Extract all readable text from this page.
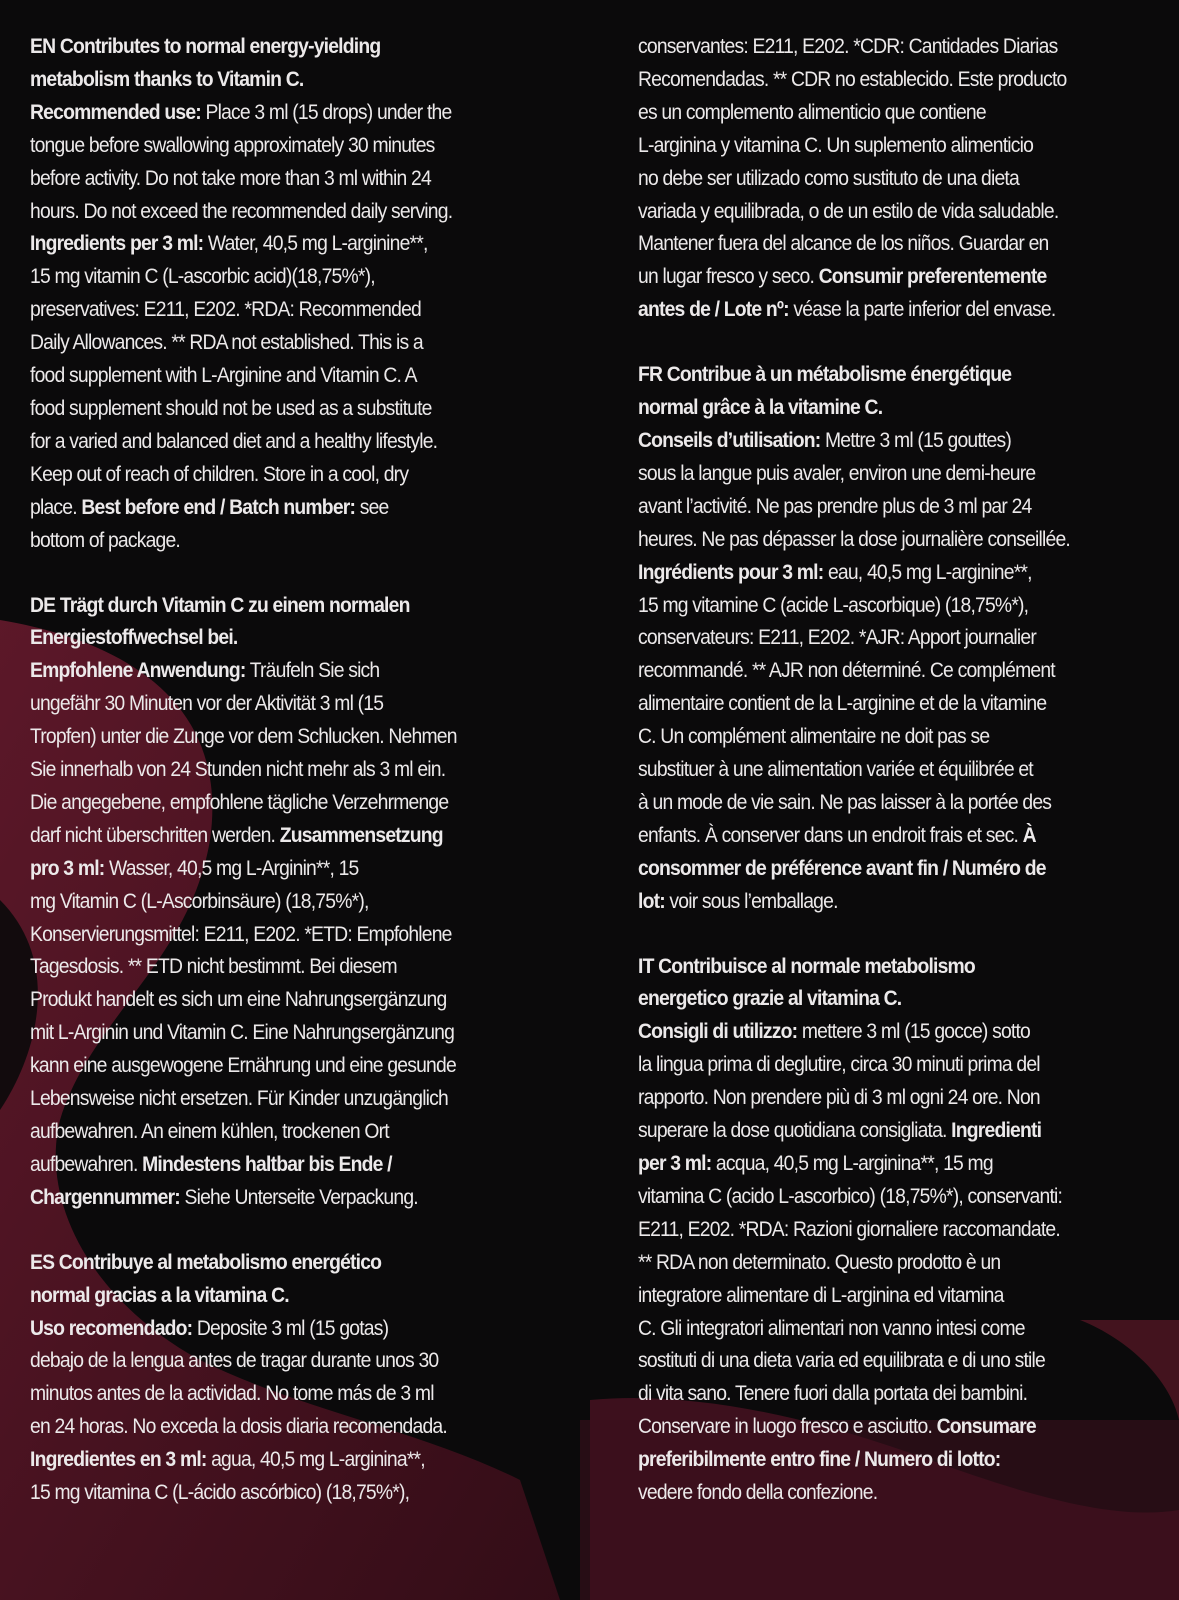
EN Contributes to normal energy-yielding
metabolism thanks to Vitamin C.
Recommended use: Place 3 ml (15 drops) under the
tongue before swallowing approximately 30 minutes
before activity. Do not take more than 3 ml within 24
hours. Do not exceed the recommended daily serving.
Ingredients per 3 ml: Water, 40,5 mg L-arginine**,
15 mg vitamin C (L-ascorbic acid)(18,75%*),
preservatives: E211, E202. *RDA: Recommended
Daily Allowances. ** RDA not established. This is a
food supplement with L-Arginine and Vitamin C. A
food supplement should not be used as a substitute
for a varied and balanced diet and a healthy lifestyle.
Keep out of reach of children. Store in a cool, dry
place. Best before end / Batch number: see
bottom of package.
DE Trägt durch Vitamin C zu einem normalen
Energiestoffwechsel bei.
Empfohlene Anwendung: Träufeln Sie sich
ungefähr 30 Minuten vor der Aktivität 3 ml (15
Tropfen) unter die Zunge vor dem Schlucken. Nehmen
Sie innerhalb von 24 Stunden nicht mehr als 3 ml ein.
Die angegebene, empfohlene tägliche Verzehrmenge
darf nicht überschritten werden. Zusammensetzung
pro 3 ml: Wasser, 40,5 mg L-Arginin**, 15
mg Vitamin C (L-Ascorbinsäure) (18,75%*),
Konservierungsmittel: E211, E202. *ETD: Empfohlene
Tagesdosis. ** ETD nicht bestimmt. Bei diesem
Produkt handelt es sich um eine Nahrungsergänzung
mit L-Arginin und Vitamin C. Eine Nahrungsergänzung
kann eine ausgewogene Ernährung und eine gesunde
Lebensweise nicht ersetzen. Für Kinder unzugänglich
aufbewahren. An einem kühlen, trockenen Ort
aufbewahren. Mindestens haltbar bis Ende /
Chargennummer: Siehe Unterseite Verpackung.
ES Contribuye al metabolismo energético
normal gracias a la vitamina C.
Uso recomendado: Deposite 3 ml (15 gotas)
debajo de la lengua antes de tragar durante unos 30
minutos antes de la actividad. No tome más de 3 ml
en 24 horas. No exceda la dosis diaria recomendada.
Ingredientes en 3 ml: agua, 40,5 mg L-arginina**,
15 mg vitamina C (L-ácido ascórbico) (18,75%*),
conservantes: E211, E202. *CDR: Cantidades Diarias
Recomendadas. ** CDR no establecido. Este producto
es un complemento alimenticio que contiene
L-arginina y vitamina C. Un suplemento alimenticio
no debe ser utilizado como sustituto de una dieta
variada y equilibrada, o de un estilo de vida saludable.
Mantener fuera del alcance de los niños. Guardar en
un lugar fresco y seco. Consumir preferentemente
antes de / Lote nº: véase la parte inferior del envase.
FR Contribue à un métabolisme énergétique
normal grâce à la vitamine C.
Conseils d’utilisation: Mettre 3 ml (15 gouttes)
sous la langue puis avaler, environ une demi-heure
avant l’activité. Ne pas prendre plus de 3 ml par 24
heures. Ne pas dépasser la dose journalière conseillée.
Ingrédients pour 3 ml: eau, 40,5 mg L-arginine**,
15 mg vitamine C (acide L-ascorbique) (18,75%*),
conservateurs: E211, E202. *AJR: Apport journalier
recommandé. ** AJR non déterminé. Ce complément
alimentaire contient de la L-arginine et de la vitamine
C. Un complément alimentaire ne doit pas se
substituer à une alimentation variée et équilibrée et
à un mode de vie sain. Ne pas laisser à la portée des
enfants. À conserver dans un endroit frais et sec. À
consommer de préférence avant fin / Numéro de
lot: voir sous l’emballage.
IT Contribuisce al normale metabolismo
energetico grazie al vitamina C.
Consigli di utilizzo: mettere 3 ml (15 gocce) sotto
la lingua prima di deglutire, circa 30 minuti prima del
rapporto. Non prendere più di 3 ml ogni 24 ore. Non
superare la dose quotidiana consigliata. Ingredienti
per 3 ml: acqua, 40,5 mg L-arginina**, 15 mg
vitamina C (acido L-ascorbico) (18,75%*), conservanti:
E211, E202. *RDA: Razioni giornaliere raccomandate.
** RDA non determinato. Questo prodotto è un
integratore alimentare di L-arginina ed vitamina
C. Gli integratori alimentari non vanno intesi come
sostituti di una dieta varia ed equilibrata e di uno stile
di vita sano. Tenere fuori dalla portata dei bambini.
Conservare in luogo fresco e asciutto. Consumare
preferibilmente entro fine / Numero di lotto:
vedere fondo della confezione.
